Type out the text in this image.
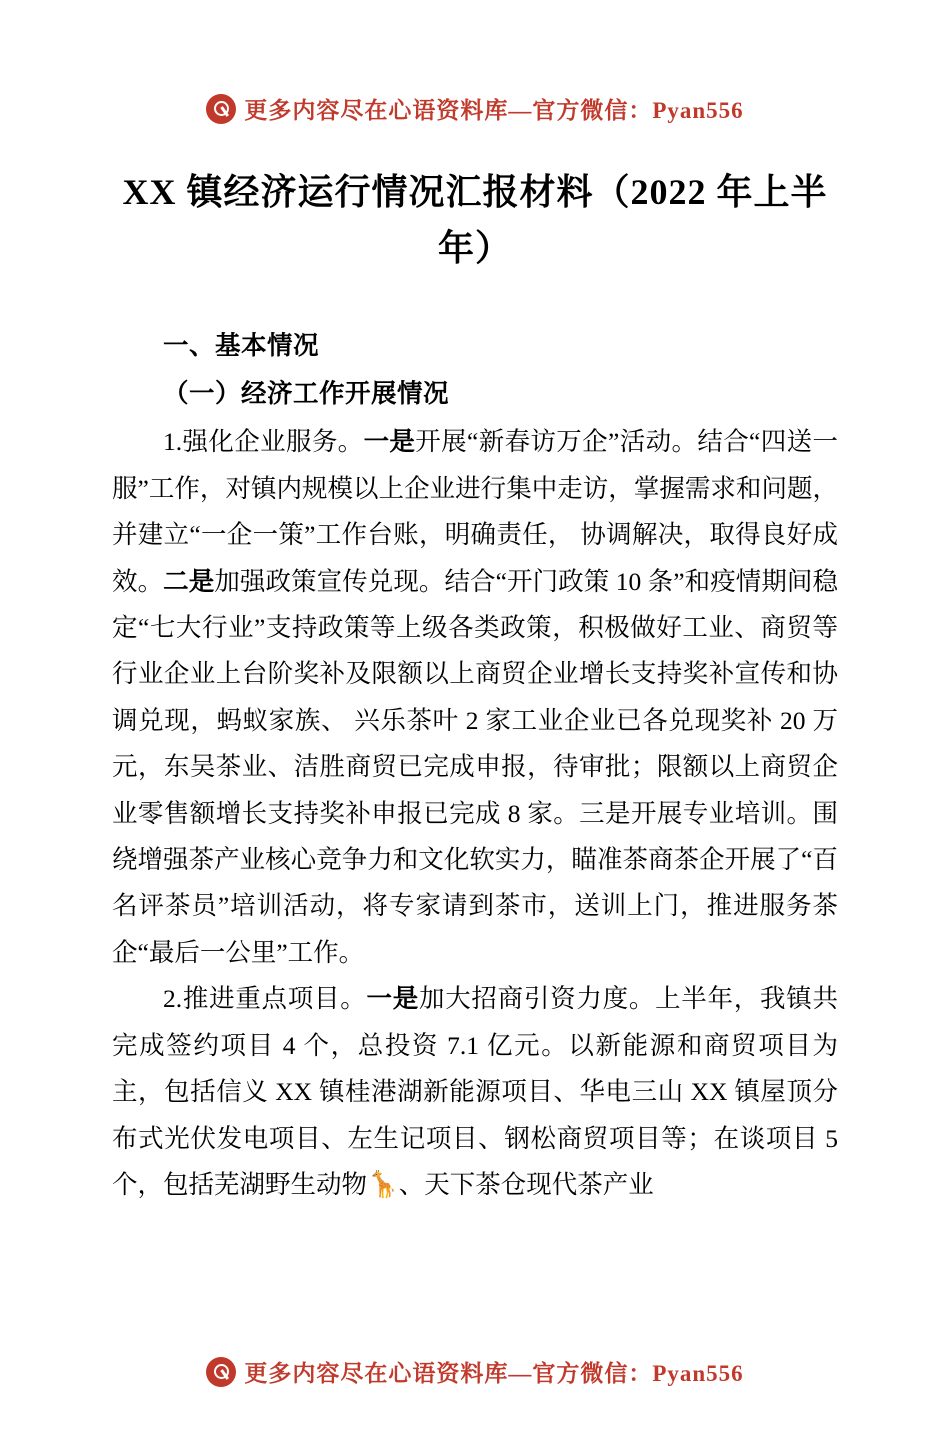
更多内容尽在心语资料库—官方微信：Pyan556
XX 镇经济运行情况汇报材料（2022 年上半年）
一、基本情况
（一）经济工作开展情况

1.强化企业服务。一是开展“新春访万企”活动。结合“四送一服”工作，对镇内规模以上企业进行集中走访，掌握需求和问题，并建立“一企一策”工作台账，明确责任， 协调解决，取得良好成效。二是加强政策宣传兑现。结合“开门政策 10 条”和疫情期间稳定“七大行业”支持政策等上级各类政策，积极做好工业、商贸等行业企业上台阶奖补及限额以上商贸企业增长支持奖补宣传和协调兑现，蚂蚁家族、 兴乐茶叶 2 家工业企业已各兑现奖补 20 万元，东吴茶业、洁胜商贸已完成申报，待审批；限额以上商贸企业零售额增长支持奖补申报已完成 8 家。三是开展专业培训。围绕增强茶产业核心竞争力和文化软实力，瞄准茶商茶企开展了“百名评茶员”培训活动，将专家请到茶市，送训上门，推进服务茶企“最后一公里”工作。

2.推进重点项目。一是加大招商引资力度。上半年，我镇共完成签约项目 4 个，总投资 7.1 亿元。以新能源和商贸项目为主，包括信义 XX 镇桂港湖新能源项目、华电三山 XX 镇屋顶分布式光伏发电项目、左生记项目、钢松商贸项目等；在谈项目 5 个，包括芜湖野生动物🦒、天下茶仓现代茶产业

更多内容尽在心语资料库—官方微信：Pyan556
